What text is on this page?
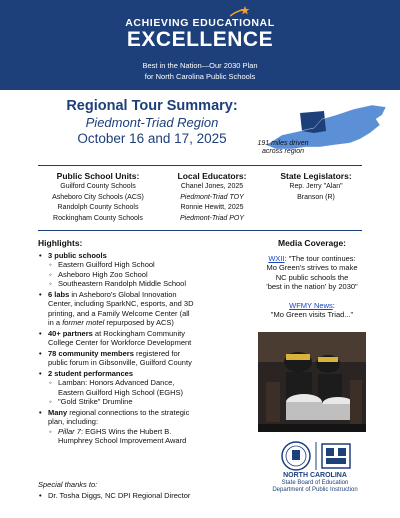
ACHIEVING EDUCATIONAL
EXCELLENCE
Best in the Nation—Our 2030 Plan
for North Carolina Public Schools
Regional Tour Summary:
Piedmont-Triad Region
October 16 and 17, 2025	191 miles driven
across region
Public School Units:
Guilford County Schools
Asheboro City Schools (ACS)
Randolph County Schools
Rockingham County Schools
Local Educators:
Chanel Jones, 2025
Piedmont-Triad TOY
Ronnie Hewitt, 2025
Piedmont-Triad POY
State Legislators:
Rep. Jerry "Alan"
Branson (R)
Highlights:
• 3 public schools
◦ Eastern Guilford High School
◦ Asheboro High Zoo School
◦ Southeastern Randolph Middle School
• 6 labs in Asheboro's Global Innovation
Center, including SparkNC, esports, and 3D
printing, and a Family Welcome Center (all
in a former motel repurposed by ACS)
• 40+ partners at Rockingham Community
College Center for Workforce Development
• 78 community members registered for
public forum in Gibsonville, Guilford County
• 2 student performances
◦ Lamban: Honors Advanced Dance,
Eastern Guilford High School (EGHS)
◦ "Gold Strike" Drumline
• Many regional connections to the strategic
plan, including:
◦ Pillar 7: EGHS Wins the Hubert B.
Humphrey School Improvement Award
Special thanks to:
• Dr. Tosha Diggs, NC DPI Regional Director
Media Coverage:
WXII: "The tour continues:
Mo Green's strives to make
NC public schools the
'best in the nation' by 2030"
WFMY News:
"Mo Green visits Triad..."
NORTH CAROLINA
State Board of Education
Department of Public Instruction
